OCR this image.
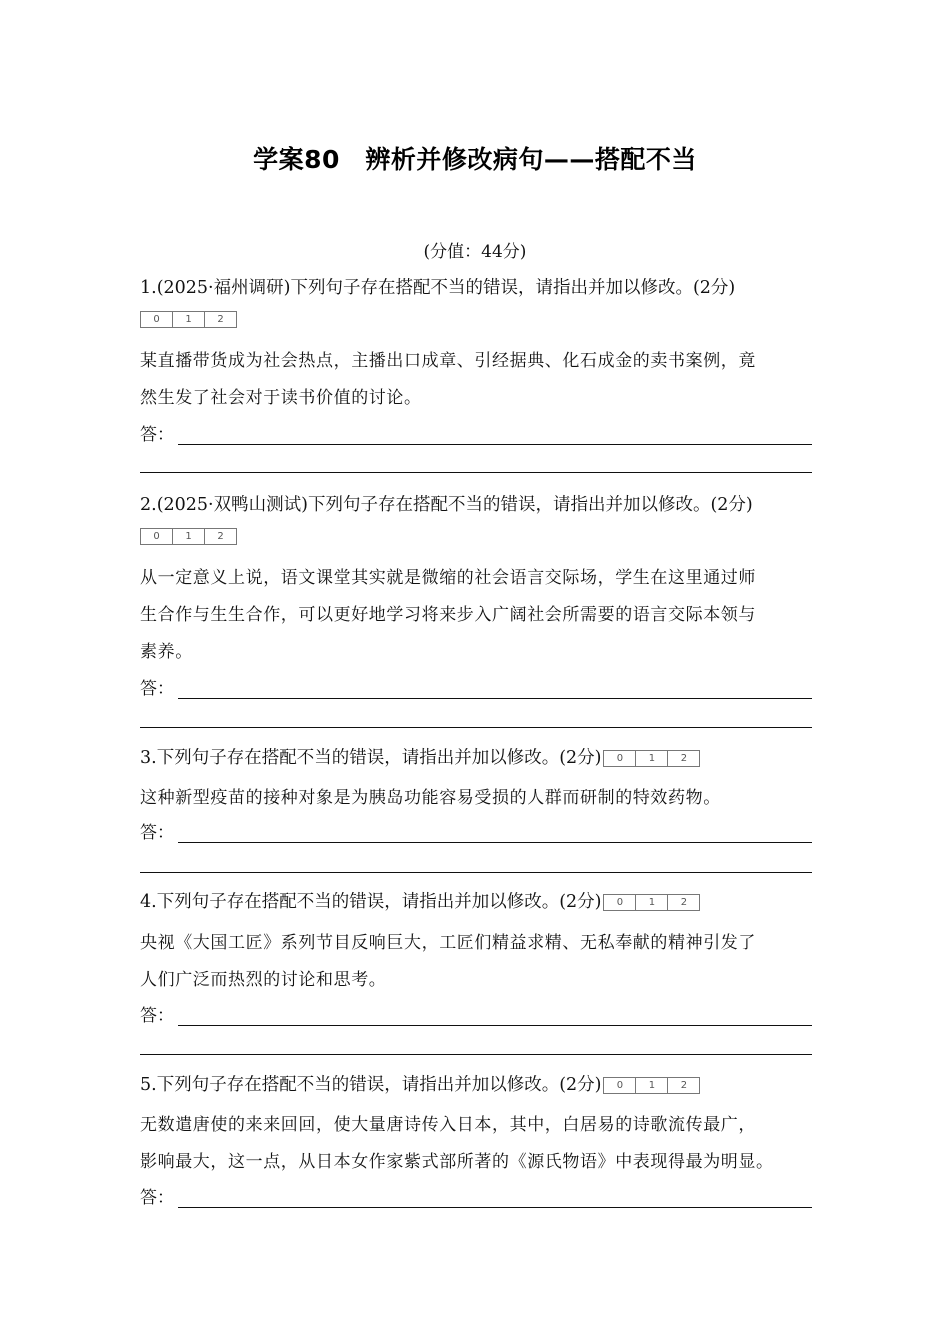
学案80　辨析并修改病句——搭配不当
(分值：44分)
1.(2025·福州调研)下列句子存在搭配不当的错误，请指出并加以修改。(2分)
0	1	2
某直播带货成为社会热点，主播出口成章、引经据典、化石成金的卖书案例，竟
然生发了社会对于读书价值的讨论。
答：
2.(2025·双鸭山测试)下列句子存在搭配不当的错误，请指出并加以修改。(2分)
0	1	2
从一定意义上说，语文课堂其实就是微缩的社会语言交际场，学生在这里通过师
生合作与生生合作，可以更好地学习将来步入广阔社会所需要的语言交际本领与
素养。
答：
3.下列句子存在搭配不当的错误，请指出并加以修改。(2分)	0	1	2
这种新型疫苗的接种对象是为胰岛功能容易受损的人群而研制的特效药物。
答：
4.下列句子存在搭配不当的错误，请指出并加以修改。(2分)	0	1	2
央视《大国工匠》系列节目反响巨大，工匠们精益求精、无私奉献的精神引发了
人们广泛而热烈的讨论和思考。
答：
5.下列句子存在搭配不当的错误，请指出并加以修改。(2分)	0	1	2
无数遣唐使的来来回回，使大量唐诗传入日本，其中，白居易的诗歌流传最广，
影响最大，这一点，从日本女作家紫式部所著的《源氏物语》中表现得最为明显。
答：
